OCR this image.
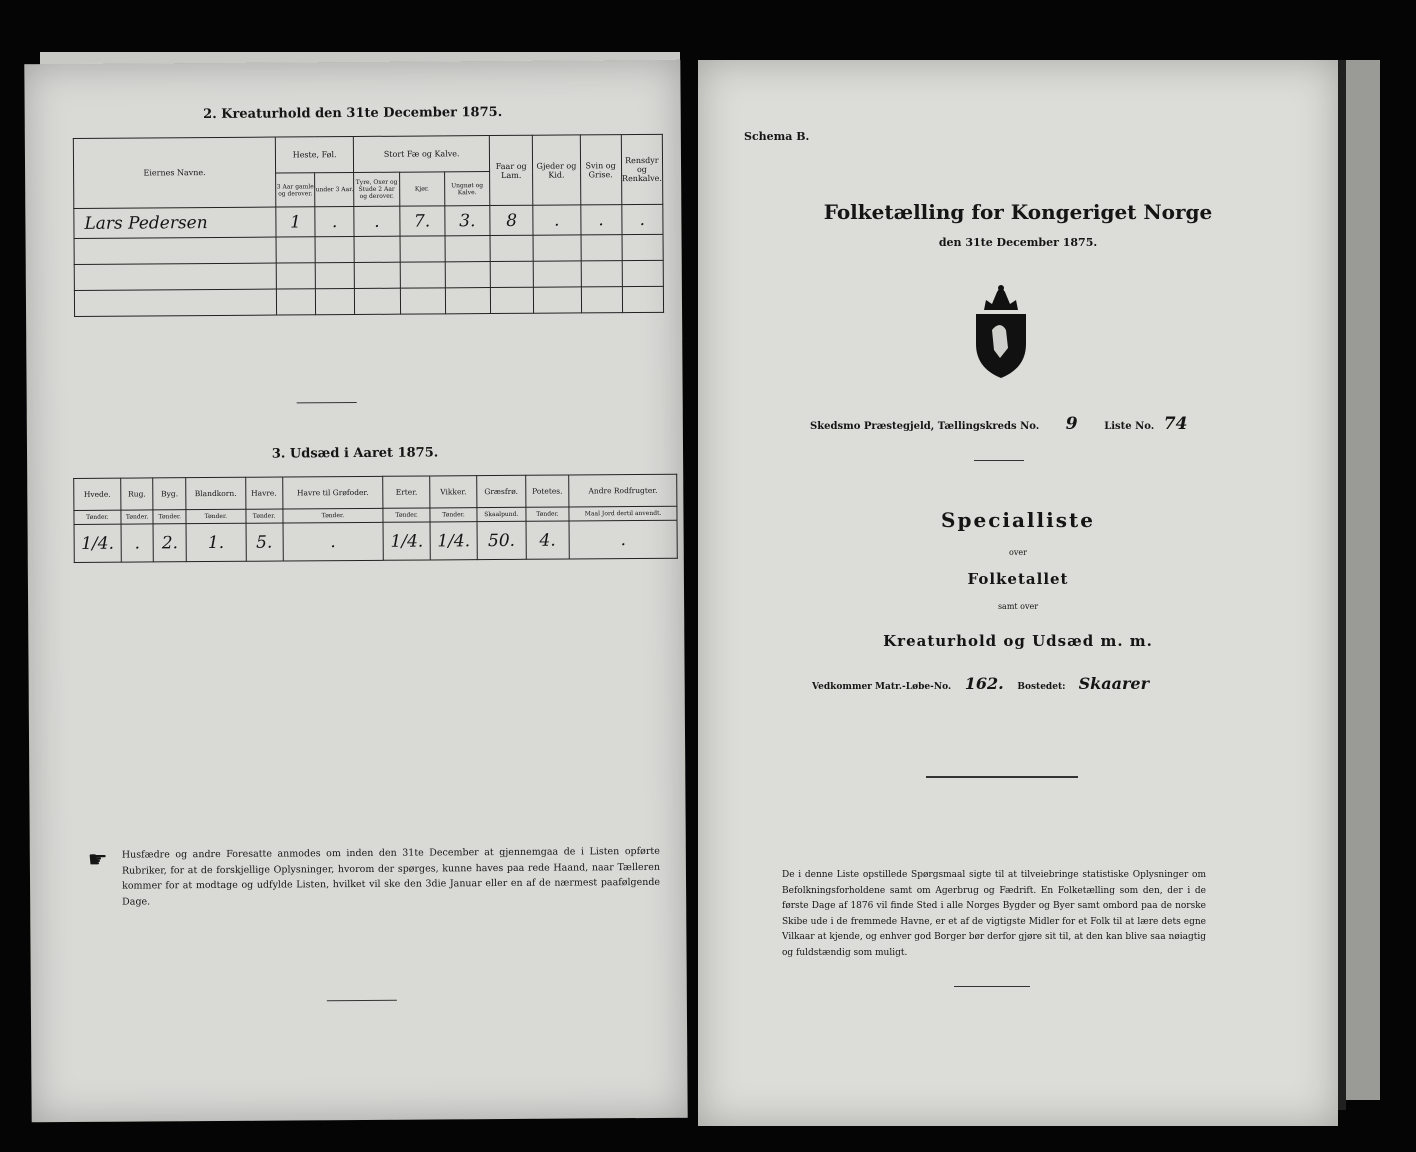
2. Kreaturhold den 31te December 1875.
Eiernes Navne.	Heste, Føl.		Stort Fæ og Kalve.			Faar og Lam.	Gjeder og Kid.	Svin og Grise.	Rensdyr og Renkalve.
	3 Aar gamle og derover.	under 3 Aar.	Tyre, Oxer og Stude 2 Aar og derover.	Kjør.	Ungnøt og Kalve.				
Lars Pedersen	1	.	.	7.	3.	8	.	.	.

3. Udsæd i Aaret 1875.
Hvede.	Rug.	Byg.	Blandkorn.	Havre.	Havre til Grøfoder.	Erter.	Vikker.	Græsfrø.	Potetes.	Andre Rodfrugter.
Tønder.	Tønder.	Tønder.	Tønder.	Tønder.	Tønder.	Tønder.	Tønder.	Skaalpund.	Tønder.	Maal Jord dertil anvendt.
1/4.	.	2.	1.	5.	.	1/4.	1/4.	50.	4.	.
☛ Husfædre og andre Foresatte anmodes om inden den 31te December at gjennemgaa de i Listen opførte Rubriker, for at de forskjellige Oplysninger, hvorom der spørges, kunne haves paa rede Haand, naar Tælleren kommer for at modtage og udfylde Listen, hvilket vil ske den 3die Januar eller en af de nærmest paafølgende Dage.
Schema B.
Folketælling for Kongeriget Norge
den 31te December 1875.
Skedsmo Præstegjeld, Tællingskreds No. 9	Liste No. 74
Specialliste
over
Folketallet
samt over
Kreaturhold og Udsæd m. m.
Vedkommer Matr.-Løbe-No. 162. Bostedet: Skaarer
De i denne Liste opstillede Spørgsmaal sigte til at tilveiebringe statistiske Oplysninger om Befolkningsforholdene samt om Agerbrug og Fædrift. En Folketælling som den, der i de første Dage af 1876 vil finde Sted i alle Norges Bygder og Byer samt ombord paa de norske Skibe ude i de fremmede Havne, er et af de vigtigste Midler for et Folk til at lære dets egne Vilkaar at kjende, og enhver god Borger bør derfor gjøre sit til, at den kan blive saa nøiagtig og fuldstændig som muligt.
